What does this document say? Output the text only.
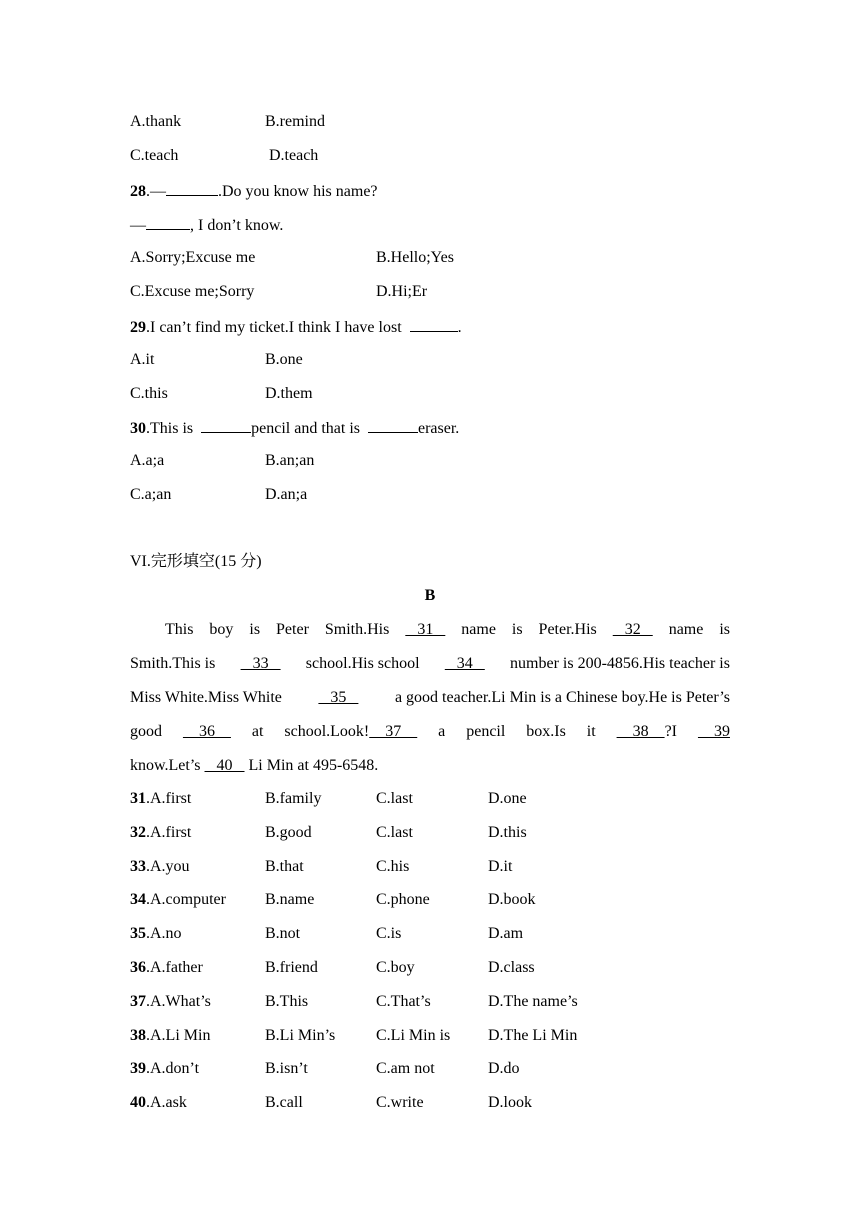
A.thank	B.remind
C.teach	D.teach
28.—	.Do you know his name?
—	, I don’t know.
A.Sorry;Excuse me	B.Hello;Yes
C.Excuse me;Sorry	D.Hi;Er
29.I can’t find my ticket.I think I have lost	.
A.it	B.one
C.this	D.them
30.This is	pencil and that is	eraser.
A.a;a	B.an;an
C.a;an	D.an;a
VI.完形填空(15 分)
B
This boy is Peter Smith.His 31 name is Peter.His 32 name is
Smith.This is 33 school.His school 34 number is 200-4856.His teacher is
Miss White.Miss White 35 a good teacher.Li Min is a Chinese boy.He is Peter’s
good 36 at school.Look!    37 a pencil box.Is it 38    ?I 39
know.Let’s    40    Li Min at 495-6548.
31.A.first	B.family	C.last	D.one
32.A.first	B.good	C.last	D.this
33.A.you	B.that	C.his	D.it
34.A.computer B.name	C.phone	D.book
35.A.no	B.not	C.is	D.am
36.A.father	B.friend	C.boy	D.class
37.A.What’s	B.This	C.That’s	D.The name’s
38.A.Li Min	B.Li Min’s	C.Li Min is D.The Li Min
39.A.don’t	B.isn’t	C.am not	D.do
40.A.ask	B.call	C.write	D.look
